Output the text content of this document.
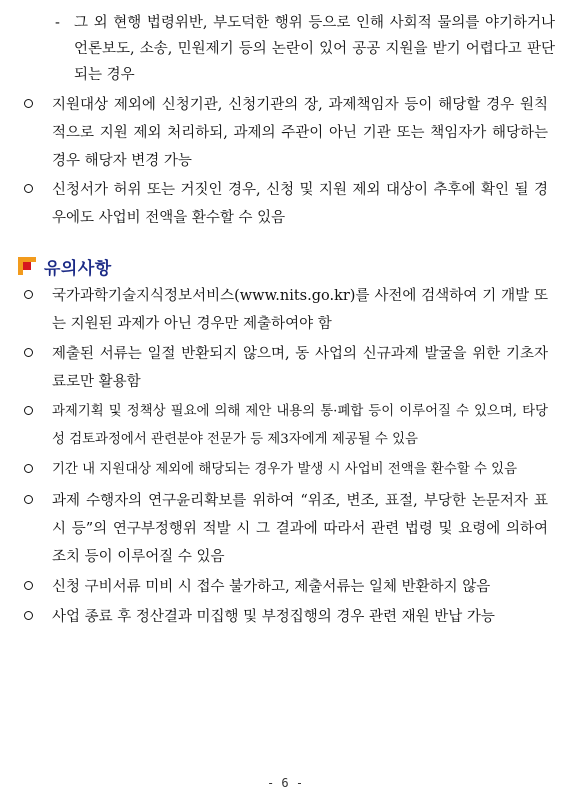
- 그 외 현행 법령위반, 부도덕한 행위 등으로 인해 사회적 물의를 야기하거나 언론보도, 소송, 민원제기 등의 논란이 있어 공공 지원을 받기 어렵다고 판단되는 경우
지원대상 제외에 신청기관, 신청기관의 장, 과제책임자 등이 해당할 경우 원칙적으로 지원 제외 처리하되, 과제의 주관이 아닌 기관 또는 책임자가 해당하는 경우 해당자 변경 가능
신청서가 허위 또는 거짓인 경우, 신청 및 지원 제외 대상이 추후에 확인 될 경우에도 사업비 전액을 환수할 수 있음
유의사항
국가과학기술지식정보서비스(www.nits.go.kr)를 사전에 검색하여 기 개발 또는 지원된 과제가 아닌 경우만 제출하여야 함
제출된 서류는 일절 반환되지 않으며, 동 사업의 신규과제 발굴을 위한 기초자료로만 활용함
과제기획 및 정책상 필요에 의해 제안 내용의 통·폐합 등이 이루어질 수 있으며, 타당성 검토과정에서 관련분야 전문가 등 제3자에게 제공될 수 있음
기간 내 지원대상 제외에 해당되는 경우가 발생 시 사업비 전액을 환수할 수 있음
과제 수행자의 연구윤리확보를 위하여 “위조, 변조, 표절, 부당한 논문저자 표시 등”의 연구부정행위 적발 시 그 결과에 따라서 관련 법령 및 요령에 의하여 조치 등이 이루어질 수 있음
신청 구비서류 미비 시 접수 불가하고, 제출서류는 일체 반환하지 않음
사업 종료 후 정산결과 미집행 및 부정집행의 경우 관련 재원 반납 가능
- 6 -
